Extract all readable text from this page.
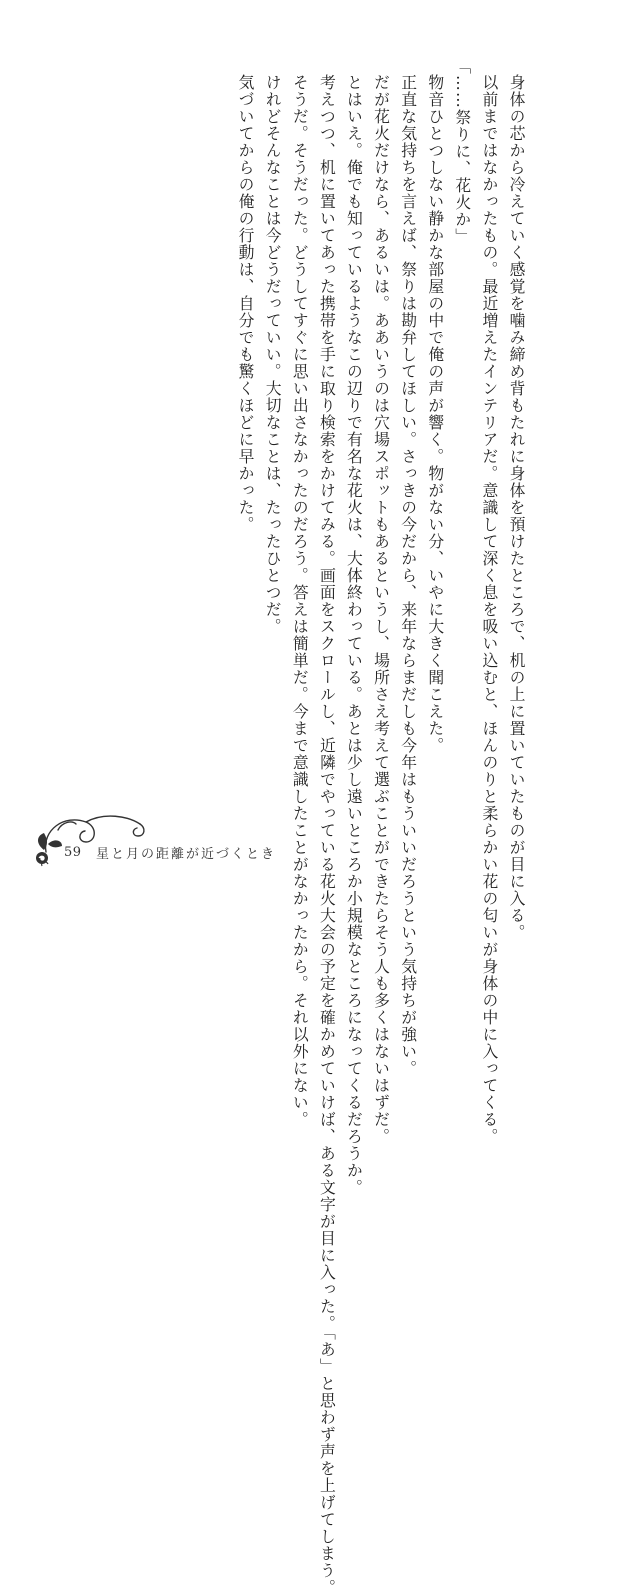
身体の芯から冷えていく感覚を噛み締め背もたれに身体を預けたところで、机の上に置いていたものが目に入る。

以前まではなかったもの。最近増えたインテリアだ。意識して深く息を吸い込むと、ほんのりと柔らかい花の匂いが身体の中に入ってくる。

「……祭りに、花火か」

物音ひとつしない静かな部屋の中で俺の声が響く。物がない分、いやに大きく聞こえた。

正直な気持ちを言えば、祭りは勘弁してほしい。さっきの今だから、来年ならまだしも今年はもういいだろうという気持ちが強い。

だが花火だけなら、あるいは。ああいうのは穴場スポットもあるというし、場所さえ考えて選ぶことができたらそう人も多くはないはずだ。

とはいえ。俺でも知っているようなこの辺りで有名な花火は、大体終わっている。あとは少し遠いところか小規模なところになってくるだろうか。

考えつつ、机に置いてあった携帯を手に取り検索をかけてみる。画面をスクロールし、近隣でやっている花火大会の予定を確かめていけば、ある文字が目に入った。「あ」と思わず声を上げてしまう。

そうだ。そうだった。どうしてすぐに思い出さなかったのだろう。答えは簡単だ。今まで意識したことがなかったから。それ以外にない。

けれどそんなことは今どうだっていい。大切なことは、たったひとつだ。

気づいてからの俺の行動は、自分でも驚くほどに早かった。

59 星と月の距離が近づくとき
